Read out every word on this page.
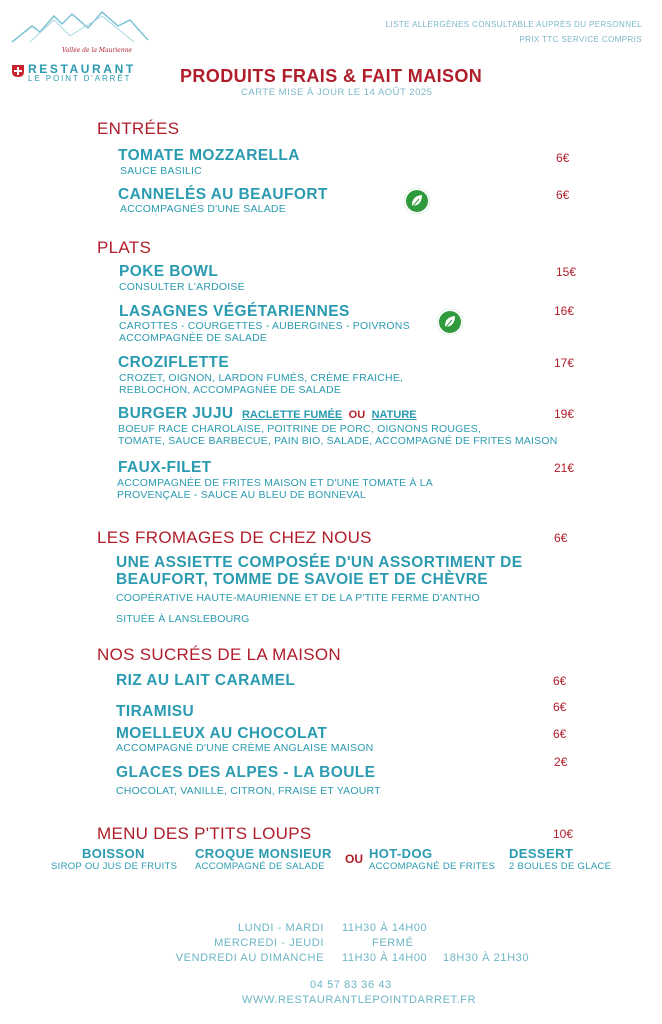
Vallée de la Maurienne
RESTAURANT
LE POINT D'ARRÊT
LISTE ALLERGÈNES CONSULTABLE AUPRÈS DU PERSONNEL
PRIX TTC SERVICE COMPRIS
PRODUITS FRAIS & FAIT MAISON
CARTE MISE À JOUR LE 14 AOÛT 2025
ENTRÉES
TOMATE MOZZARELLA
SAUCE BASILIC
6€
CANNELÉS AU BEAUFORT
ACCOMPAGNÉS D'UNE SALADE
6€
PLATS
POKE BOWL
CONSULTER L'ARDOISE
15€
LASAGNES VÉGÉTARIENNES
CAROTTES - COURGETTES - AUBERGINES - POIVRONS
ACCOMPAGNÉE DE SALADE
16€
CROZIFLETTE
CROZET, OIGNON, LARDON FUMÉS, CRÈME FRAICHE,
REBLOCHON, ACCOMPAGNÉE DE SALADE
17€
BURGER JUJU RACLETTE FUMÉE OU NATURE
BOEUF RACE CHAROLAISE, POITRINE DE PORC, OIGNONS ROUGES,
TOMATE, SAUCE BARBECUE, PAIN BIO, SALADE, ACCOMPAGNÉ DE FRITES MAISON
19€
FAUX-FILET
ACCOMPAGNÉE DE FRITES MAISON ET D'UNE TOMATE À LA
PROVENÇALE - SAUCE AU BLEU DE BONNEVAL
21€
LES FROMAGES DE CHEZ NOUS	6€
UNE ASSIETTE COMPOSÉE D'UN ASSORTIMENT DE
BEAUFORT, TOMME DE SAVOIE ET DE CHÈVRE
COOPÉRATIVE HAUTE-MAURIENNE ET DE LA P'TITE FERME D'ANTHO
SITUÉE À LANSLEBOURG
NOS SUCRÉS DE LA MAISON
RIZ AU LAIT CARAMEL	6€
TIRAMISU	6€
MOELLEUX AU CHOCOLAT
ACCOMPAGNÉ D'UNE CRÈME ANGLAISE MAISON
6€
GLACES DES ALPES - LA BOULE
CHOCOLAT, VANILLE, CITRON, FRAISE ET YAOURT
2€
MENU DES P'TITS LOUPS	10€
BOISSON
SIROP OU JUS DE FRUITS
CROQUE MONSIEUR
ACCOMPAGNÉ DE SALADE
OU HOT-DOG
ACCOMPAGNÉ DE FRITES
DESSERT
2 BOULES DE GLACE
LUNDI - MARDI 11H30 À 14H00
MERCREDI - JEUDI	FERMÉ
VENDREDI AU DIMANCHE 11H30 À 14H00 18H30 À 21H30
04 57 83 36 43
WWW.RESTAURANTLEPOINTDARRET.FR
